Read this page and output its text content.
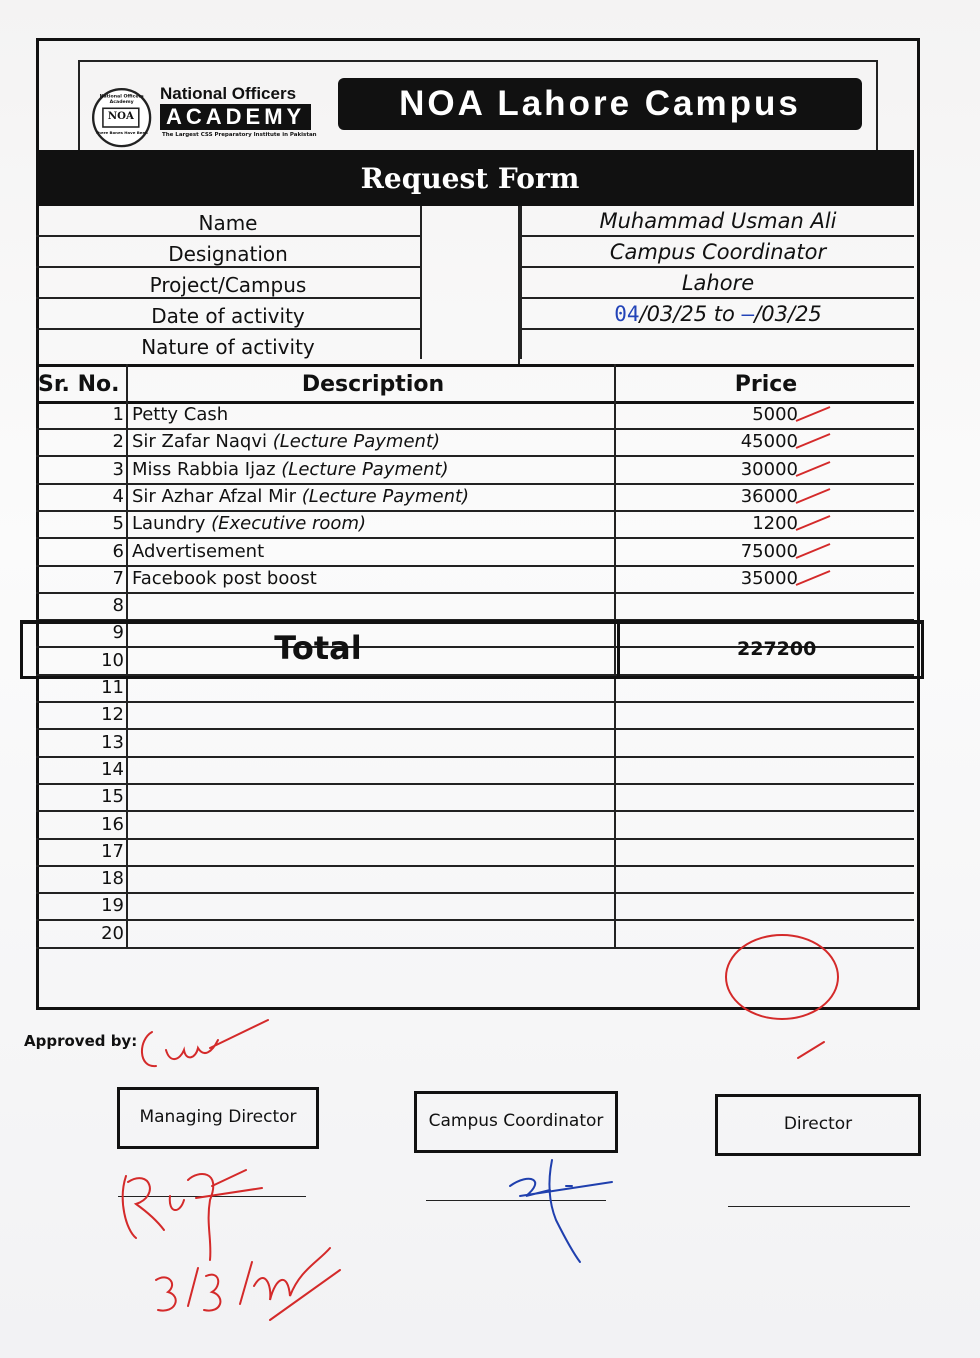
National Officers Academy
NOA
There Bones Have Been
National Officers
ACADEMY
The Largest CSS Preparatory Institute in Pakistan
NOA Lahore Campus
Request Form
Name	Muhammad Usman Ali
Designation	Campus Coordinator
Project/Campus	Lahore
Date of activity	04/03/25 to –/03/25
Nature of activity
Sr. No.	Description	Price
1 Petty Cash	5000
2 Sir Zafar Naqvi (Lecture Payment)	45000
3 Miss Rabbia Ijaz (Lecture Payment)	30000
4 Sir Azhar Afzal Mir (Lecture Payment)	36000
5 Laundry (Executive room)	1200
6 Advertisement	75000
7 Facebook post boost	35000
8
9
10
11
12
13
14
15
16
17
18
19
20
Total	227200
Approved by:
Managing Director	Campus Coordinator	Director
